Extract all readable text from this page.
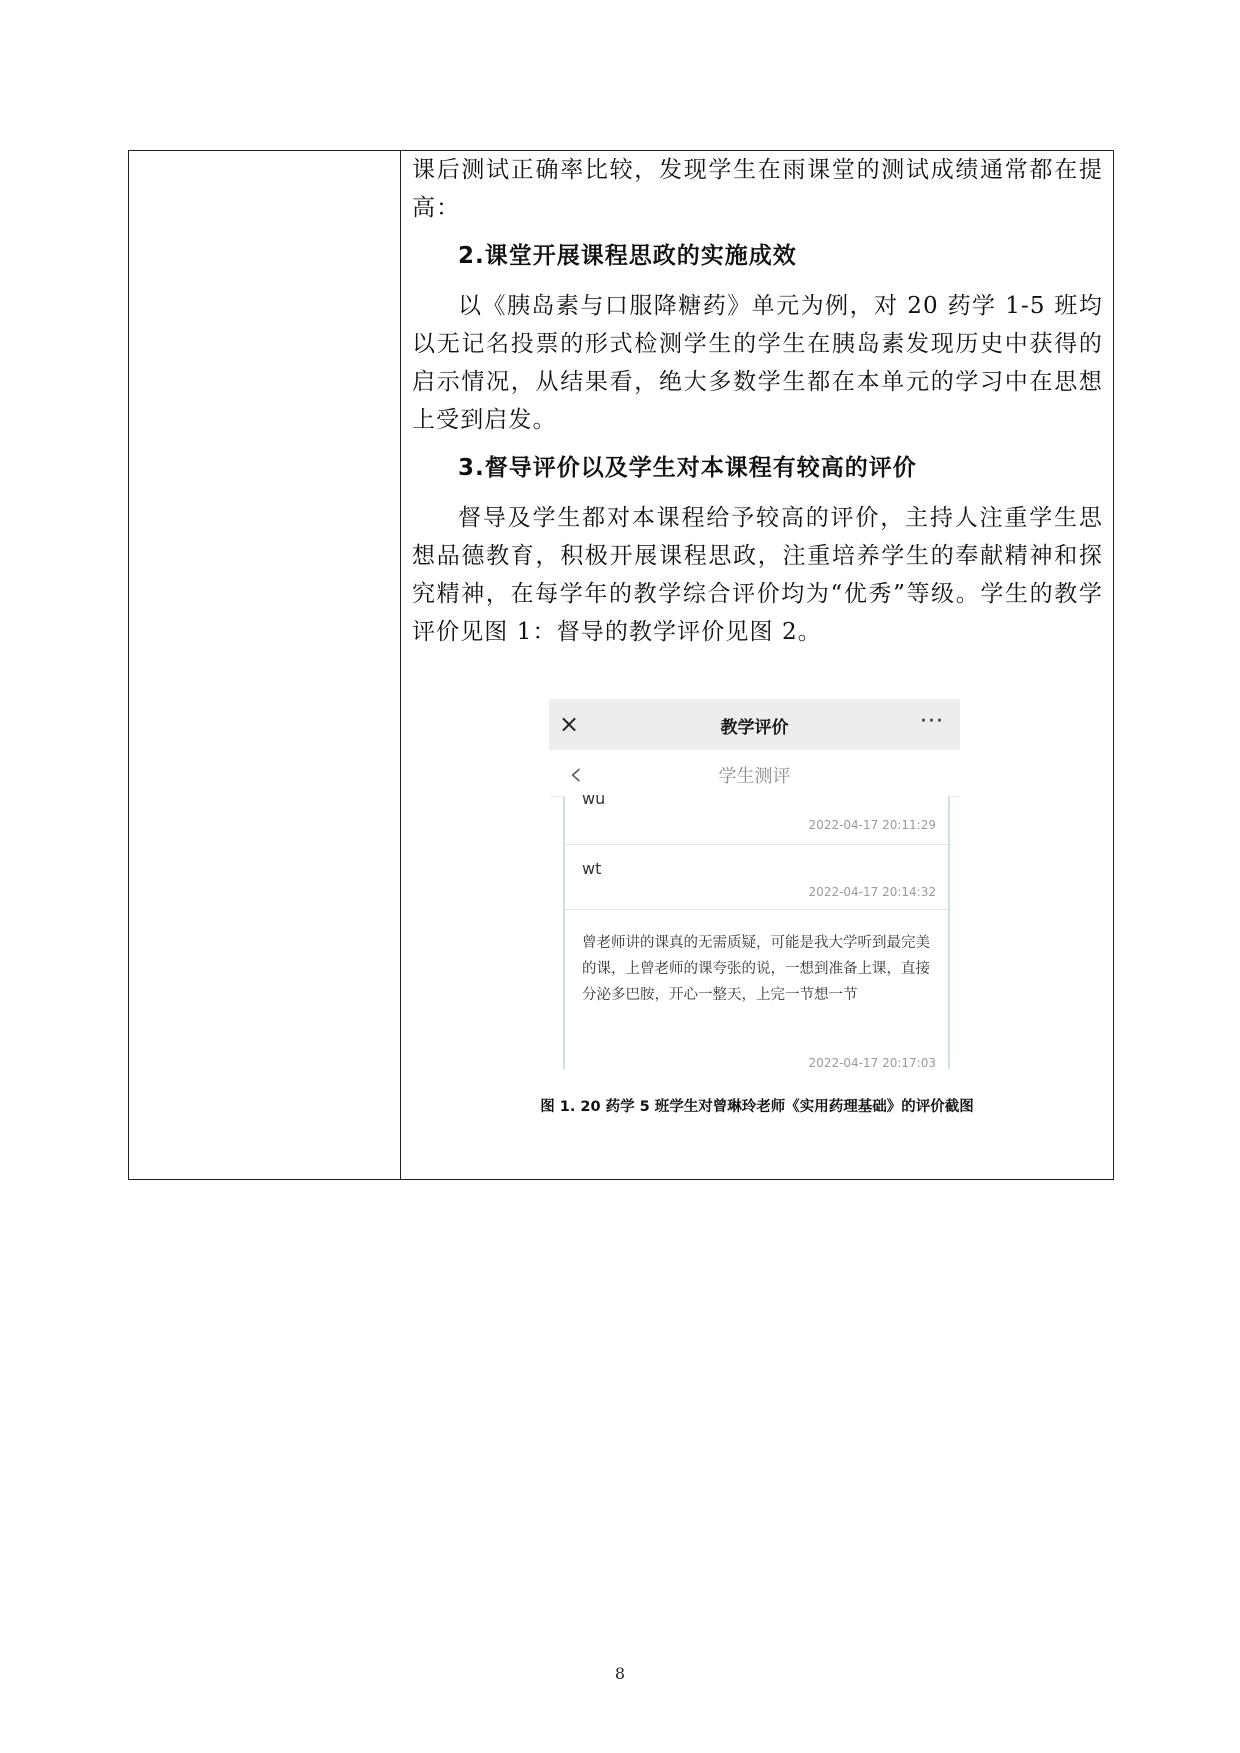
课后测试正确率比较，发现学生在雨课堂的测试成绩通常都在提高：

2.课堂开展课程思政的实施成效

以《胰岛素与口服降糖药》单元为例，对 20 药学 1-5 班均以无记名投票的形式检测学生的学生在胰岛素发现历史中获得的启示情况，从结果看，绝大多数学生都在本单元的学习中在思想上受到启发。

3.督导评价以及学生对本课程有较高的评价

督导及学生都对本课程给予较高的评价，主持人注重学生思想品德教育，积极开展课程思政，注重培养学生的奉献精神和探究精神，在每学年的教学综合评价均为“优秀”等级。学生的教学评价见图 1：督导的教学评价见图 2。

×	教学评价	···
‹	学生测评
wu
2022-04-17 20:11:29
wt
2022-04-17 20:14:32
曾老师讲的课真的无需质疑，可能是我大学听到最完美的课，上曾老师的课夸张的说，一想到准备上课，直接分泌多巴胺，开心一整天，上完一节想一节
2022-04-17 20:17:03
图 1. 20 药学 5 班学生对曾琳玲老师《实用药理基础》的评价截图
8
